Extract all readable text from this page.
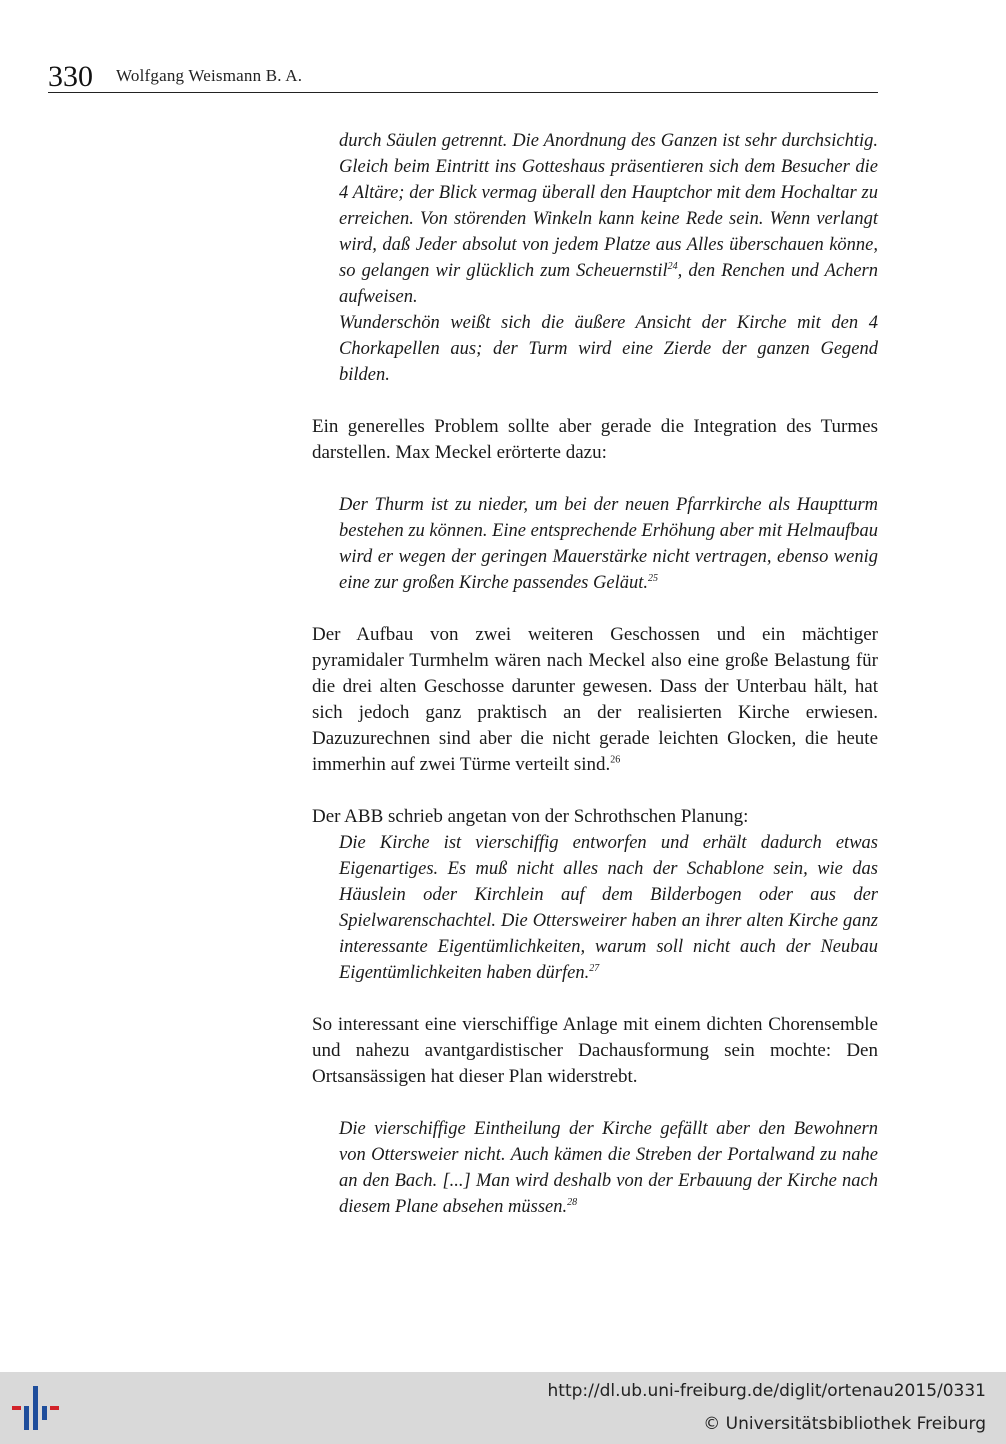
330 Wolfgang Weismann B. A.

durch Säulen getrennt. Die Anordnung des Ganzen ist sehr durchsichtig. Gleich beim Eintritt ins Gotteshaus präsentieren sich dem Besucher die 4 Altäre; der Blick vermag überall den Hauptchor mit dem Hochaltar zu erreichen. Von störenden Winkeln kann keine Rede sein. Wenn verlangt wird, daß Jeder absolut von jedem Platze aus Alles überschauen könne, so gelangen wir glücklich zum Scheuernstil$^{24}$, den Renchen und Achern aufweisen.

Wunderschön weißt sich die äußere Ansicht der Kirche mit den 4 Chorkapellen aus; der Turm wird eine Zierde der ganzen Gegend bilden.

Ein generelles Problem sollte aber gerade die Integration des Turmes darstellen. Max Meckel erörterte dazu:

Der Thurm ist zu nieder, um bei der neuen Pfarrkirche als Hauptturm bestehen zu können. Eine entsprechende Erhöhung aber mit Helmaufbau wird er wegen der geringen Mauerstärke nicht vertragen, ebenso wenig eine zur großen Kirche passendes Geläut.$^{25}$

Der Aufbau von zwei weiteren Geschossen und ein mächtiger pyramidaler Turmhelm wären nach Meckel also eine große Belastung für die drei alten Geschosse darunter gewesen. Dass der Unterbau hält, hat sich jedoch ganz praktisch an der realisierten Kirche erwiesen. Dazuzurechnen sind aber die nicht gerade leichten Glocken, die heute immerhin auf zwei Türme verteilt sind.$^{26}$

Der ABB schrieb angetan von der Schrothschen Planung:

Die Kirche ist vierschiffig entworfen und erhält dadurch etwas Eigenartiges. Es muß nicht alles nach der Schablone sein, wie das Häuslein oder Kirchlein auf dem Bilderbogen oder aus der Spielwarenschachtel. Die Ottersweirer haben an ihrer alten Kirche ganz interessante Eigentümlichkeiten, warum soll nicht auch der Neubau Eigentümlichkeiten haben dürfen.$^{27}$

So interessant eine vierschiffige Anlage mit einem dichten Chorensemble und nahezu avantgardistischer Dachausformung sein mochte: Den Ortsansässigen hat dieser Plan widerstrebt.

Die vierschiffige Eintheilung der Kirche gefällt aber den Bewohnern von Ottersweier nicht. Auch kämen die Streben der Portalwand zu nahe an den Bach. [...] Man wird deshalb von der Erbauung der Kirche nach diesem Plane absehen müssen.$^{28}$

http://dl.ub.uni-freiburg.de/diglit/ortenau2015/0331
© Universitätsbibliothek Freiburg
